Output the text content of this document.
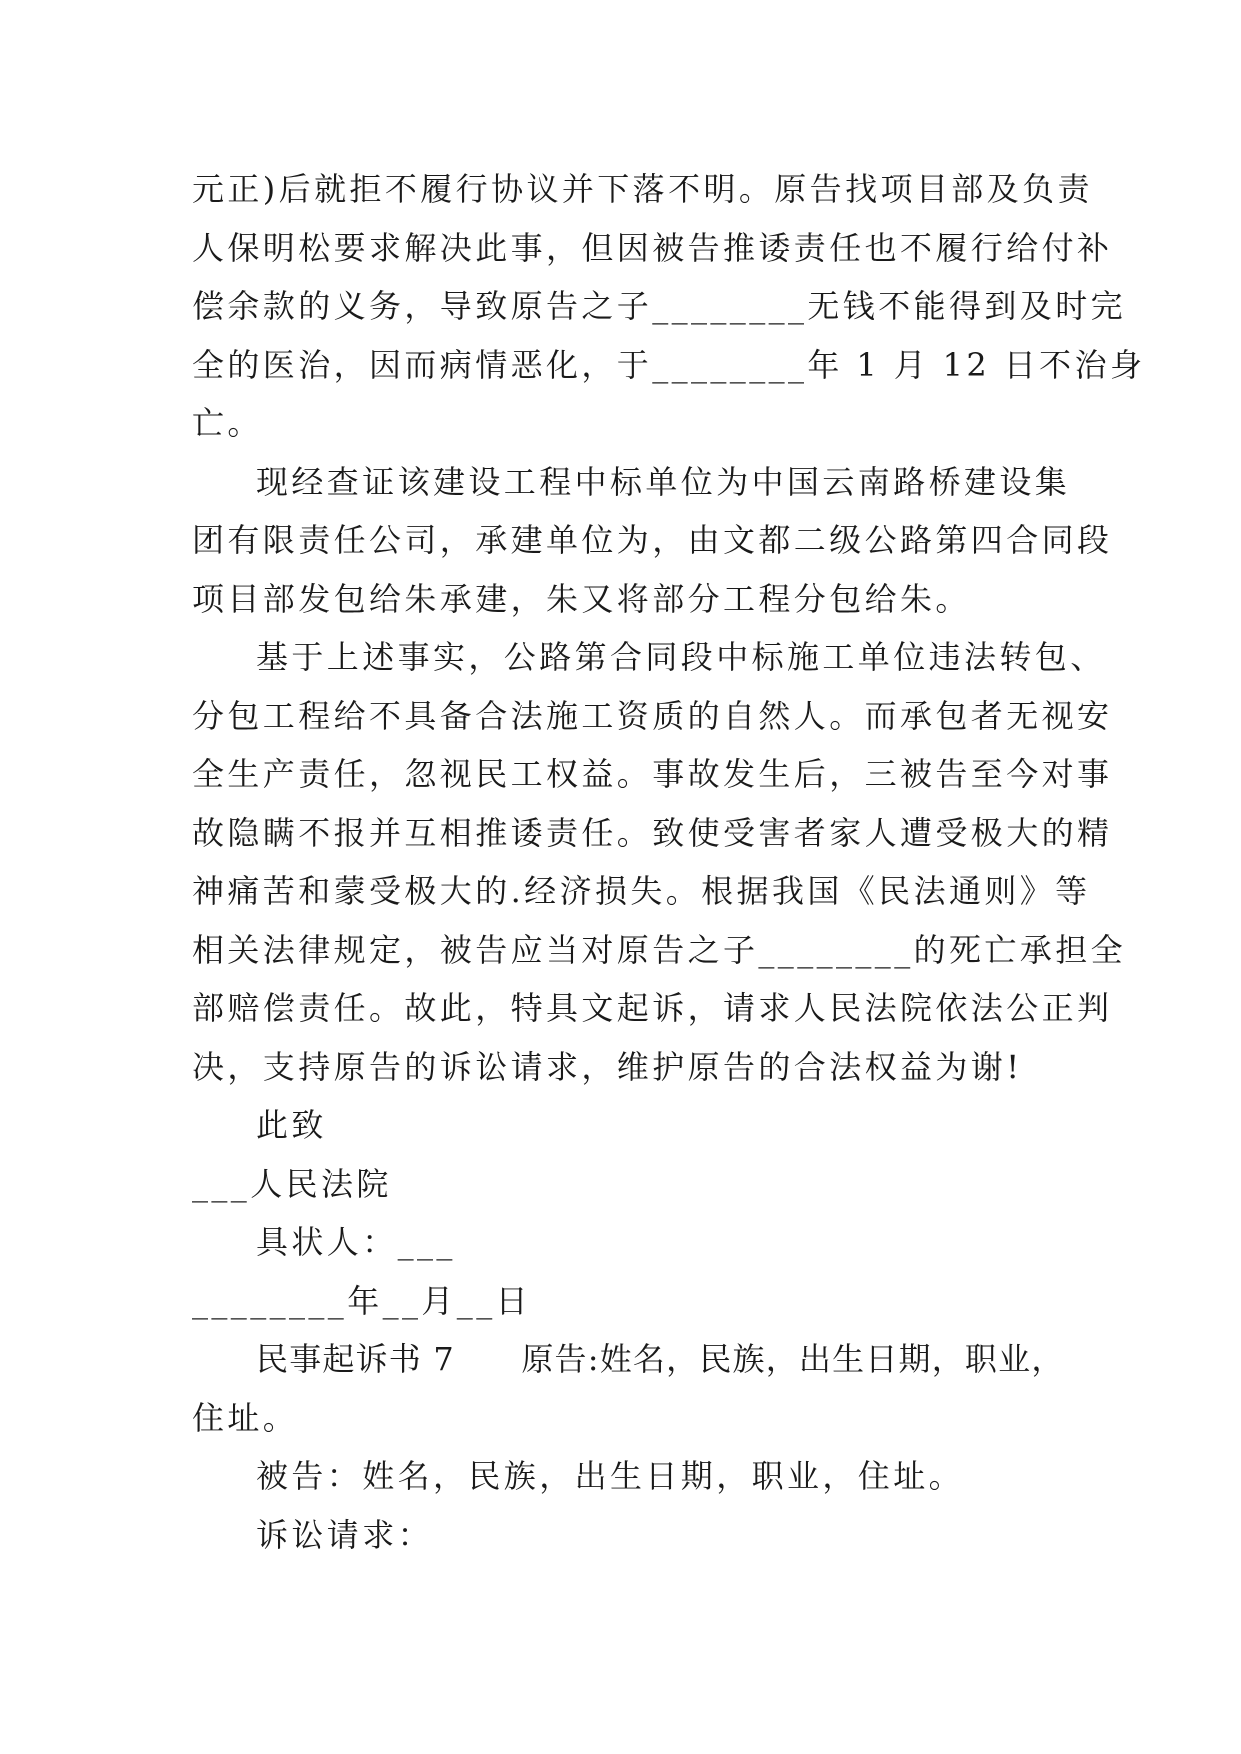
元正)后就拒不履行协议并下落不明。原告找项目部及负责
人保明松要求解决此事，但因被告推诿责任也不履行给付补
偿余款的义务，导致原告之子________无钱不能得到及时完
全的医治，因而病情恶化，于________年 1 月 12 日不治身
亡。
现经查证该建设工程中标单位为中国云南路桥建设集
团有限责任公司，承建单位为，由文都二级公路第四合同段
项目部发包给朱承建，朱又将部分工程分包给朱。
基于上述事实，公路第合同段中标施工单位违法转包、
分包工程给不具备合法施工资质的自然人。而承包者无视安
全生产责任，忽视民工权益。事故发生后，三被告至今对事
故隐瞒不报并互相推诿责任。致使受害者家人遭受极大的精
神痛苦和蒙受极大的.经济损失。根据我国《民法通则》等
相关法律规定，被告应当对原告之子________的死亡承担全
部赔偿责任。故此，特具文起诉，请求人民法院依法公正判
决，支持原告的诉讼请求，维护原告的合法权益为谢!
此致
___人民法院
具状人：___
________年__月__日
民事起诉书 7　　原告:姓名，民族，出生日期，职业，
住址。
被告：姓名，民族，出生日期，职业，住址。
诉讼请求：
